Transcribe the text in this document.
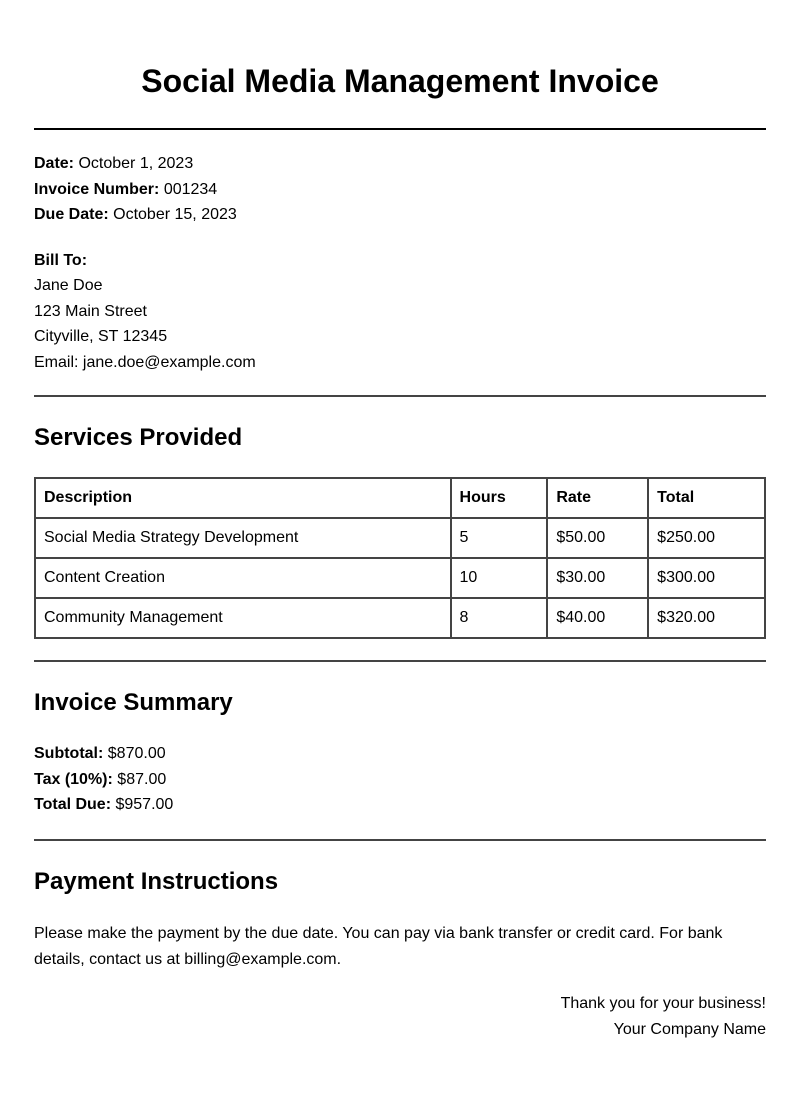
Social Media Management Invoice
Date: October 1, 2023
Invoice Number: 001234
Due Date: October 15, 2023
Bill To:
Jane Doe
123 Main Street
Cityville, ST 12345
Email: jane.doe@example.com
Services Provided
Description	Hours	Rate	Total
Social Media Strategy Development	5	$50.00	$250.00
Content Creation	10	$30.00	$300.00
Community Management	8	$40.00	$320.00
Invoice Summary
Subtotal: $870.00
Tax (10%): $87.00
Total Due: $957.00
Payment Instructions
Please make the payment by the due date. You can pay via bank transfer or credit card. For bank details, contact us at billing@example.com.
Thank you for your business!
Your Company Name
